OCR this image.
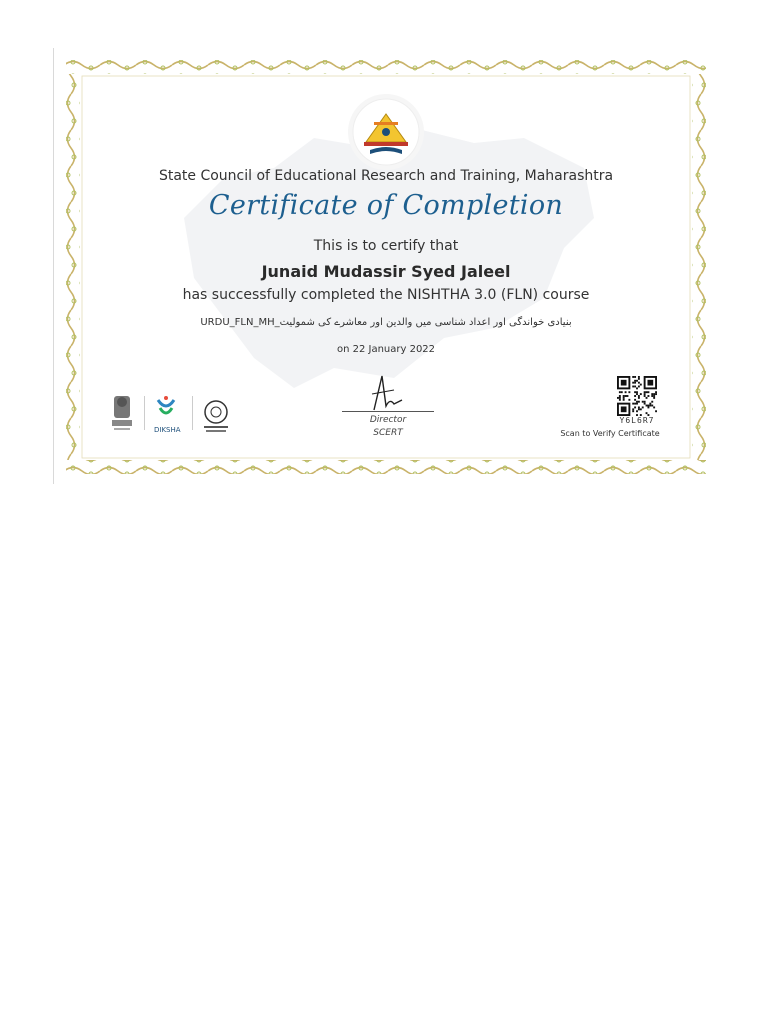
State Council of Educational Research and Training, Maharashtra
Certificate of Completion
This is to certify that
Junaid Mudassir Syed Jaleel
has successfully completed the NISHTHA 3.0 (FLN) course
URDU_FLN_MH_بنیادی خواندگی اور اعداد شناسی میں والدین اور معاشرے کی شمولیت
on 22 January 2022
DIKSHA
Director
SCERT
Y6L6R7
Scan to Verify Certificate
